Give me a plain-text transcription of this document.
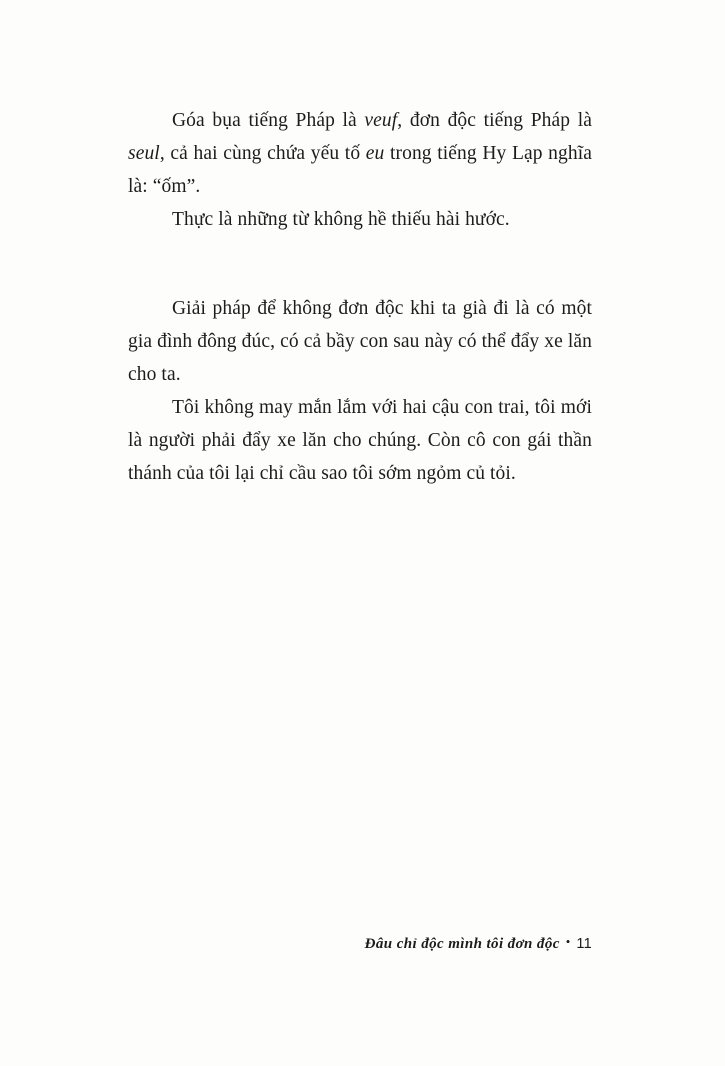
Góa bụa tiếng Pháp là veuf, đơn độc tiếng Pháp là seul, cả hai cùng chứa yếu tố eu trong tiếng Hy Lạp nghĩa là: “ốm”.

Thực là những từ không hề thiếu hài hước.

Giải pháp để không đơn độc khi ta già đi là có một gia đình đông đúc, có cả bầy con sau này có thể đẩy xe lăn cho ta.

Tôi không may mắn lắm với hai cậu con trai, tôi mới là người phải đẩy xe lăn cho chúng. Còn cô con gái thần thánh của tôi lại chỉ cầu sao tôi sớm ngỏm củ tỏi.

Đâu chỉ độc mình tôi đơn độc • 11
